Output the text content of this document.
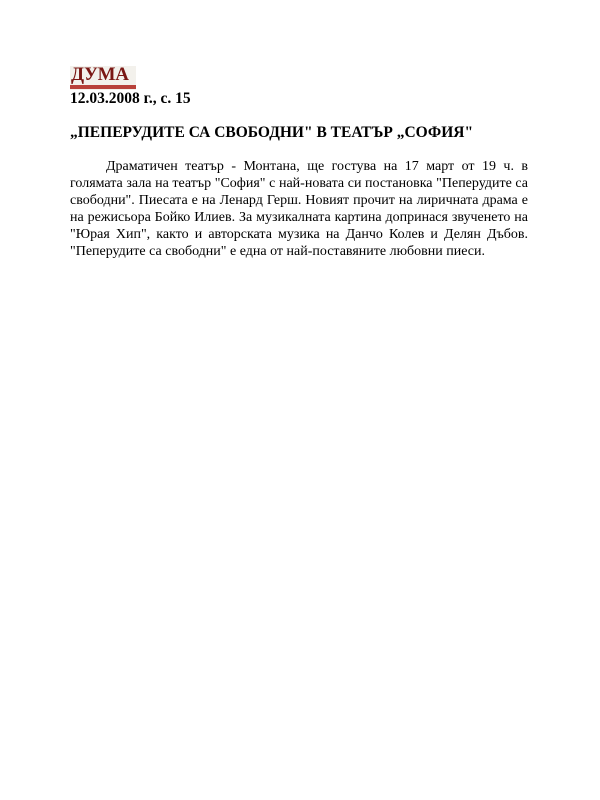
ДУМА
12.03.2008 г., с. 15
„ПЕПЕРУДИТЕ СА СВОБОДНИ" В ТЕАТЪР „СОФИЯ"

Драматичен театър - Монтана, ще гостува на 17 март от 19 ч. в голямата зала на театър "София" с най-новата си постановка "Пеперудите са свободни". Пиесата е на Ленард Герш. Новият прочит на лиричната драма е на режисьора Бойко Илиев. За музикалната картина допринася звученето на "Юрая Хип", както и авторската музика на Данчо Колев и Делян Дъбов. "Пеперудите са свободни" е една от най-поставяните любовни пиеси.
